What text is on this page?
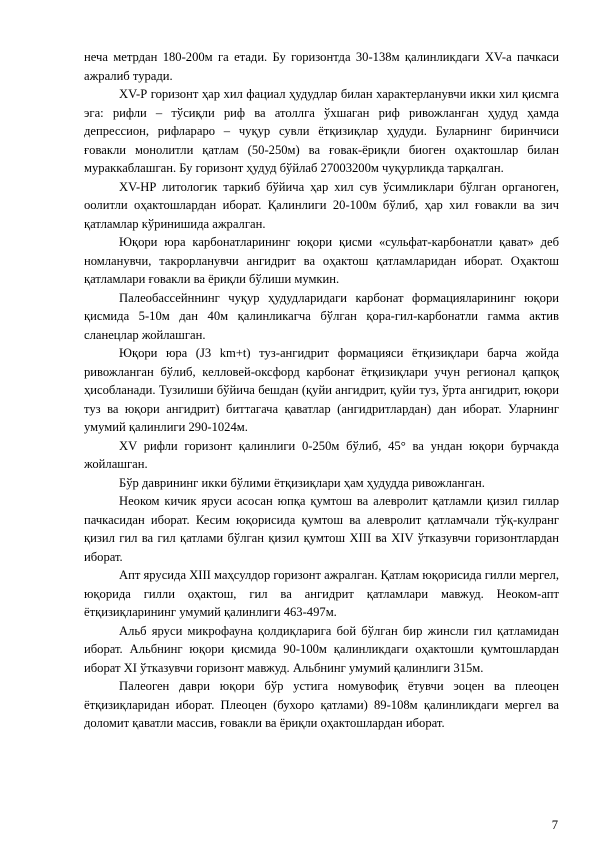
неча метрдан 180-200м га етади. Бу горизонтда 30-138м қалинликдаги XV-а пачкаси ажралиб туради.

XV-Р горизонт ҳар хил фациал ҳудудлар билан характерланувчи икки хил қисмга эга: рифли – тўсиқли риф ва атоллга ўхшаган риф ривожланган ҳудуд ҳамда депрессион, рифлараро – чуқур сувли ётқизиқлар ҳудуди. Буларнинг биринчиси ғовакли монолитли қатлам (50-250м) ва ғовак-ёриқли биоген оҳактошлар билан мураккаблашган. Бу горизонт ҳудуд бўйлаб 27003200м чуқурликда тарқалган.

XV-НР литологик таркиб бўйича ҳар хил сув ўсимликлари бўлган органоген, оолитли оҳактошлардан иборат. Қалинлиги 20-100м бўлиб, ҳар хил ғовакли ва зич қатламлар кўринишида ажралган.

Юқори юра карбонатларининг юқори қисми «сульфат-карбонатли қават» деб номланувчи, такрорланувчи ангидрит ва оҳактош қатламларидан иборат. Оҳактош қатламлари ғовакли ва ёриқли бўлиши мумкин.

Палеобассейннинг чуқур ҳудудларидаги карбонат формацияларининг юқори қисмида 5-10м дан 40м қалинликагча бўлган қора-гил-карбонатли гамма актив сланецлар жойлашган.

Юқори юра (J3 km+t) туз-ангидрит формацияси ётқизиқлари барча жойда ривожланган бўлиб, келловей-оксфорд карбонат ётқизиқлари учун регионал қапқоқ ҳисобланади. Тузилиши бўйича бешдан (қуйи ангидрит, қуйи туз, ўрта ангидрит, юқори туз ва юқори ангидрит) биттагача қаватлар (ангидритлардан) дан иборат. Уларнинг умумий қалинлиги 290-1024м.

XV рифли горизонт қалинлиги 0-250м бўлиб, 45° ва ундан юқори бурчакда жойлашган.

Бўр даврининг икки бўлими ётқизиқлари ҳам ҳудудда ривожланган.

Неоком кичик яруси асосан юпқа қумтош ва алевролит қатламли қизил гиллар пачкасидан иборат. Кесим юқорисида қумтош ва алевролит қатламчали тўқ-кулранг қизил гил ва гил қатлами бўлган қизил қумтош XIII ва XIV ўтказувчи горизонтлардан иборат.

Апт ярусида XIII маҳсулдор горизонт ажралган. Қатлам юқорисида гилли мергел, юқорида гилли оҳактош, гил ва ангидрит қатламлари мавжуд. Неоком-апт ётқизиқларининг умумий қалинлиги 463-497м.

Альб яруси микрофауна қолдиқларига бой бўлган бир жинсли гил қатламидан иборат. Альбнинг юқори қисмида 90-100м қалинликдаги оҳактошли қумтошлардан иборат XI ўтказувчи горизонт мавжуд. Альбнинг умумий қалинлиги 315м.

Палеоген даври юқори бўр устига номувофиқ ётувчи эоцен ва плеоцен ётқизиқларидан иборат. Плеоцен (бухоро қатлами) 89-108м қалинликдаги мергел ва доломит қаватли массив, ғовакли ва ёриқли оҳактошлардан иборат.

7
